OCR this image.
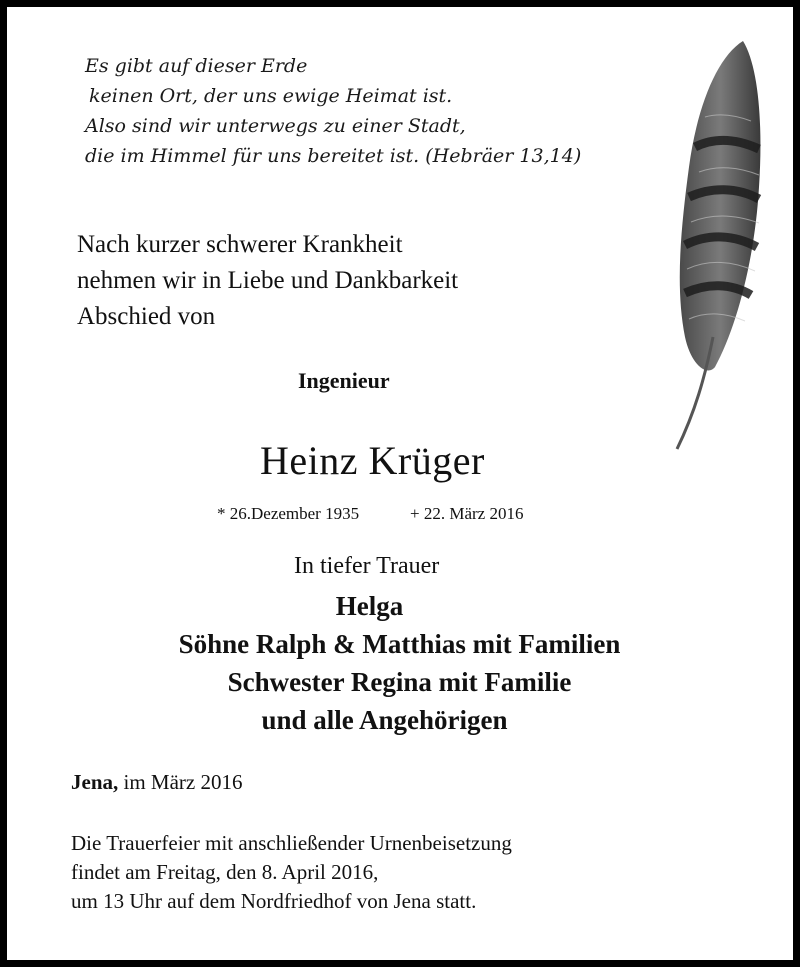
Es gibt auf dieser Erde
keinen Ort, der uns ewige Heimat ist.
Also sind wir unterwegs zu einer Stadt,
die im Himmel für uns bereitet ist. (Hebräer 13,14)
Nach kurzer schwerer Krankheit
nehmen wir in Liebe und Dankbarkeit
Abschied von
Ingenieur
Heinz Krüger
* 26.Dezember 1935	+ 22. März 2016
In tiefer Trauer
Helga
Söhne Ralph & Matthias mit Familien
Schwester Regina mit Familie
und alle Angehörigen
Jena, im März 2016
Die Trauerfeier mit anschließender Urnenbeisetzung
findet am Freitag, den 8. April 2016,
um 13 Uhr auf dem Nordfriedhof von Jena statt.
